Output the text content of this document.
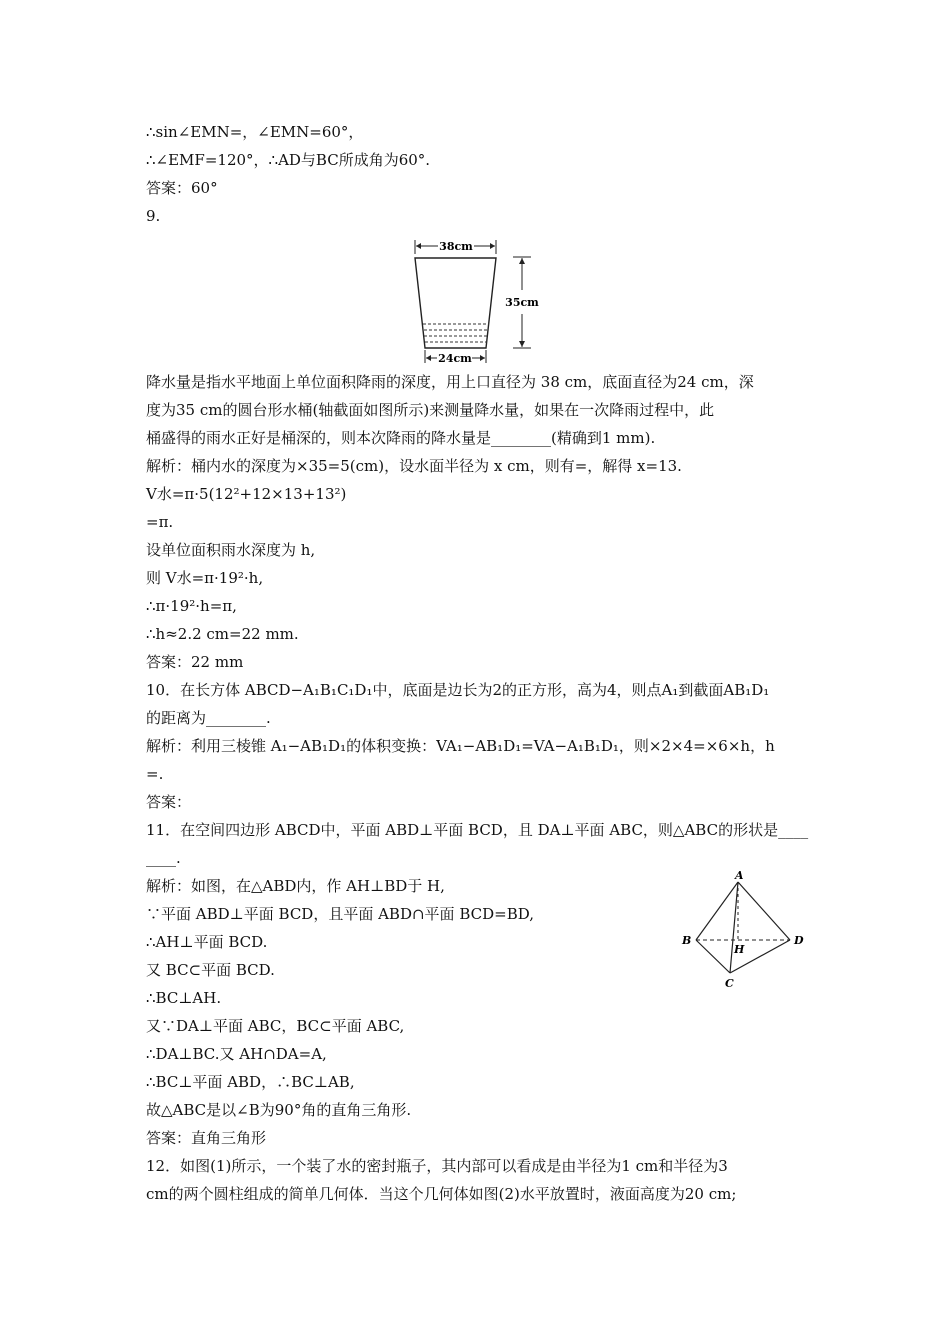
∴sin∠EMN=，∠EMN=60°，
∴∠EMF=120°，∴AD与BC所成角为60°.
答案：60°
9.
38cm
35cm
24cm
降水量是指水平地面上单位面积降雨的深度，用上口直径为 38 cm，底面直径为24 cm，深
度为35 cm的圆台形水桶(轴截面如图所示)来测量降水量，如果在一次降雨过程中，此
桶盛得的雨水正好是桶深的，则本次降雨的降水量是________(精确到1 mm).
解析：桶内水的深度为×35=5(cm)，设水面半径为 x cm，则有=，解得 x=13.
V水=π·5(12²+12×13+13²)
=π.
设单位面积雨水深度为 h,
则 V水=π·19²·h,
∴π·19²·h=π,
∴h≈2.2 cm=22 mm.
答案：22 mm
10．在长方体 ABCD−A₁B₁C₁D₁中，底面是边长为2的正方形，高为4，则点A₁到截面AB₁D₁
的距离为________.
解析：利用三棱锥 A₁−AB₁D₁的体积变换：VA₁−AB₁D₁=VA−A₁B₁D₁，则×2×4=×6×h，h
=.
答案：
11．在空间四边形 ABCD中，平面 ABD⊥平面 BCD，且 DA⊥平面 ABC，则△ABC的形状是____
____.
解析：如图，在△ABD内，作 AH⊥BD于 H,
∵平面 ABD⊥平面 BCD，且平面 ABD∩平面 BCD=BD,
∴AH⊥平面 BCD.
又 BC⊂平面 BCD.
∴BC⊥AH.
又∵DA⊥平面 ABC，BC⊂平面 ABC,
∴DA⊥BC.又 AH∩DA=A,
∴BC⊥平面 ABD，∴BC⊥AB,
故△ABC是以∠B为90°角的直角三角形.
答案：直角三角形
12．如图(1)所示，一个装了水的密封瓶子，其内部可以看成是由半径为1 cm和半径为3
cm的两个圆柱组成的简单几何体．当这个几何体如图(2)水平放置时，液面高度为20 cm;
A
B
C
D
H
